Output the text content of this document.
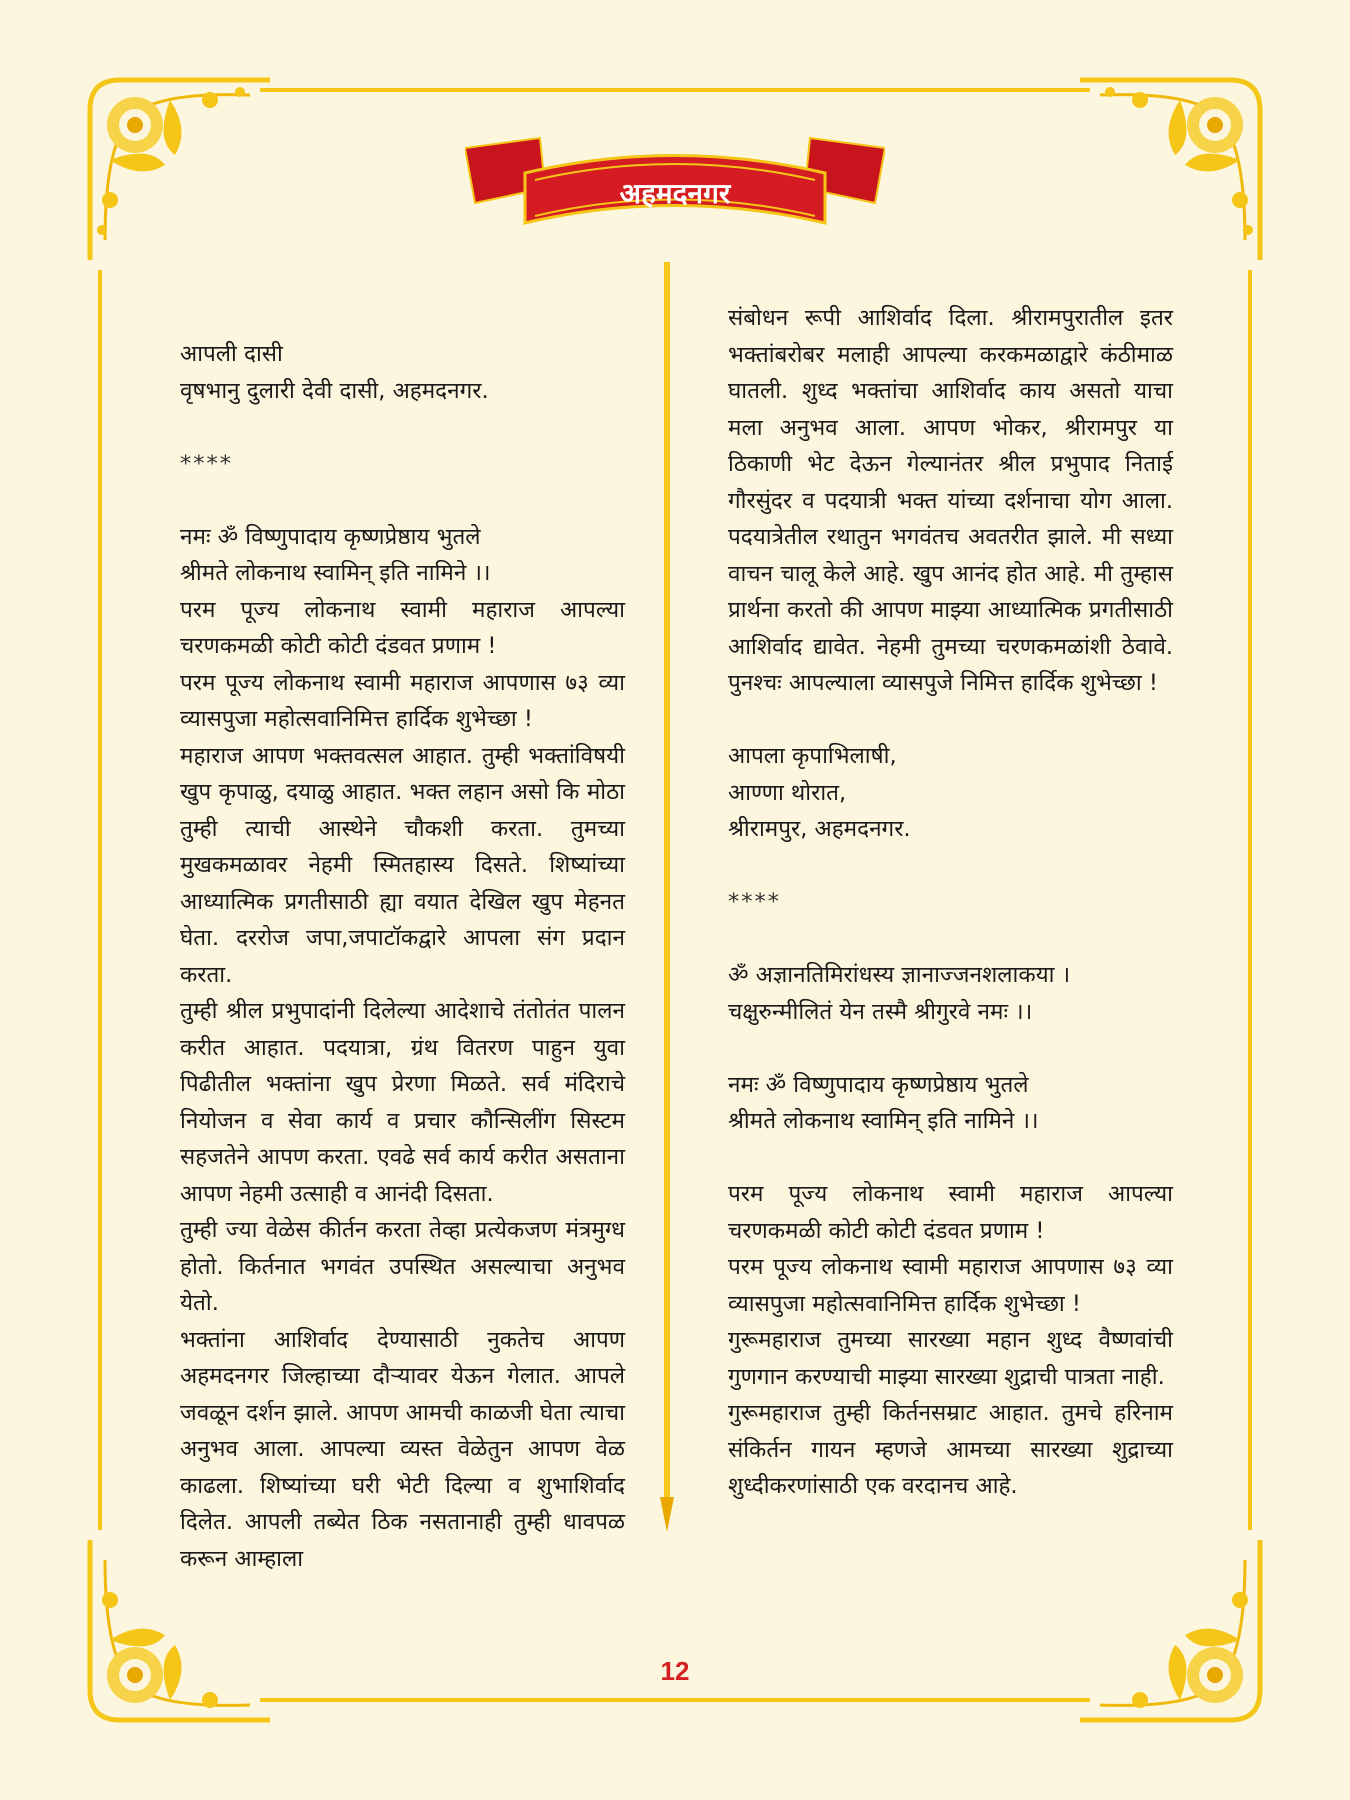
अहमदनगर

आपली दासी

वृषभानु दुलारी देवी दासी, अहमदनगर.

****

नमः ॐ विष्णुपादाय कृष्णप्रेष्ठाय भुतले

श्रीमते लोकनाथ स्वामिन् इति नामिने ।।

परम पूज्य लोकनाथ स्वामी महाराज आपल्या चरणकमळी कोटी कोटी दंडवत प्रणाम !

परम पूज्य लोकनाथ स्वामी महाराज आपणास ७३ व्या व्यासपुजा महोत्सवानिमित्त हार्दिक शुभेच्छा !

महाराज आपण भक्तवत्सल आहात. तुम्ही भक्तांविषयी खुप कृपाळु, दयाळु आहात. भक्त लहान असो कि मोठा तुम्ही त्याची आस्थेने चौकशी करता. तुमच्या मुखकमळावर नेहमी स्मितहास्य दिसते. शिष्यांच्या आध्यात्मिक प्रगतीसाठी ह्या वयात देखिल खुप मेहनत घेता. दररोज जपा,जपाटॉकद्वारे आपला संग प्रदान करता.

तुम्ही श्रील प्रभुपादांनी दिलेल्या आदेशाचे तंतोतंत पालन करीत आहात. पदयात्रा, ग्रंथ वितरण पाहुन युवा पिढीतील भक्तांना खुप प्रेरणा मिळते. सर्व मंदिराचे नियोजन व सेवा कार्य व प्रचार कौन्सिलींग सिस्टम सहजतेने आपण करता. एवढे सर्व कार्य करीत असताना आपण नेहमी उत्साही व आनंदी दिसता.

तुम्ही ज्या वेळेस कीर्तन करता तेव्हा प्रत्येकजण मंत्रमुग्ध होतो. किर्तनात भगवंत उपस्थित असल्याचा अनुभव येतो.

भक्तांना आशिर्वाद देण्यासाठी नुकतेच आपण अहमदनगर जिल्हाच्या दौऱ्यावर येऊन गेलात. आपले जवळून दर्शन झाले. आपण आमची काळजी घेता त्याचा अनुभव आला. आपल्या व्यस्त वेळेतुन आपण वेळ काढला. शिष्यांच्या घरी भेटी दिल्या व शुभाशिर्वाद दिलेत. आपली तब्येत ठिक नसतानाही तुम्ही धावपळ करून आम्हाला

संबोधन रूपी आशिर्वाद दिला. श्रीरामपुरातील इतर भक्तांबरोबर मलाही आपल्या करकमळाद्वारे कंठीमाळ घातली. शुध्द भक्तांचा आशिर्वाद काय असतो याचा मला अनुभव आला. आपण भोकर, श्रीरामपुर या ठिकाणी भेट देऊन गेल्यानंतर श्रील प्रभुपाद निताई गौरसुंदर व पदयात्री भक्त यांच्या दर्शनाचा योग आला. पदयात्रेतील रथातुन भगवंतच अवतरीत झाले. मी सध्या वाचन चालू केले आहे. खुप आनंद होत आहे. मी तुम्हास प्रार्थना करतो की आपण माझ्या आध्यात्मिक प्रगतीसाठी आशिर्वाद द्यावेत. नेहमी तुमच्या चरणकमळांशी ठेवावे. पुनश्चः आपल्याला व्यासपुजे निमित्त हार्दिक शुभेच्छा !

आपला कृपाभिलाषी,

आण्णा थोरात,

श्रीरामपुर, अहमदनगर.

****

ॐ अज्ञानतिमिरांधस्य ज्ञानाज्जनशलाकया ।

चक्षुरुन्मीलितं येन तस्मै श्रीगुरवे नमः ।।

नमः ॐ विष्णुपादाय कृष्णप्रेष्ठाय भुतले

श्रीमते लोकनाथ स्वामिन् इति नामिने ।।

परम पूज्य लोकनाथ स्वामी महाराज आपल्या चरणकमळी कोटी कोटी दंडवत प्रणाम !

परम पूज्य लोकनाथ स्वामी महाराज आपणास ७३ व्या व्यासपुजा महोत्सवानिमित्त हार्दिक शुभेच्छा !

गुरूमहाराज तुमच्या सारख्या महान शुध्द वैष्णवांची गुणगान करण्याची माझ्या सारख्या शुद्राची पात्रता नाही.

गुरूमहाराज तुम्ही किर्तनसम्राट आहात. तुमचे हरिनाम संकिर्तन गायन म्हणजे आमच्या सारख्या शुद्राच्या शुध्दीकरणांसाठी एक वरदानच आहे.

12
